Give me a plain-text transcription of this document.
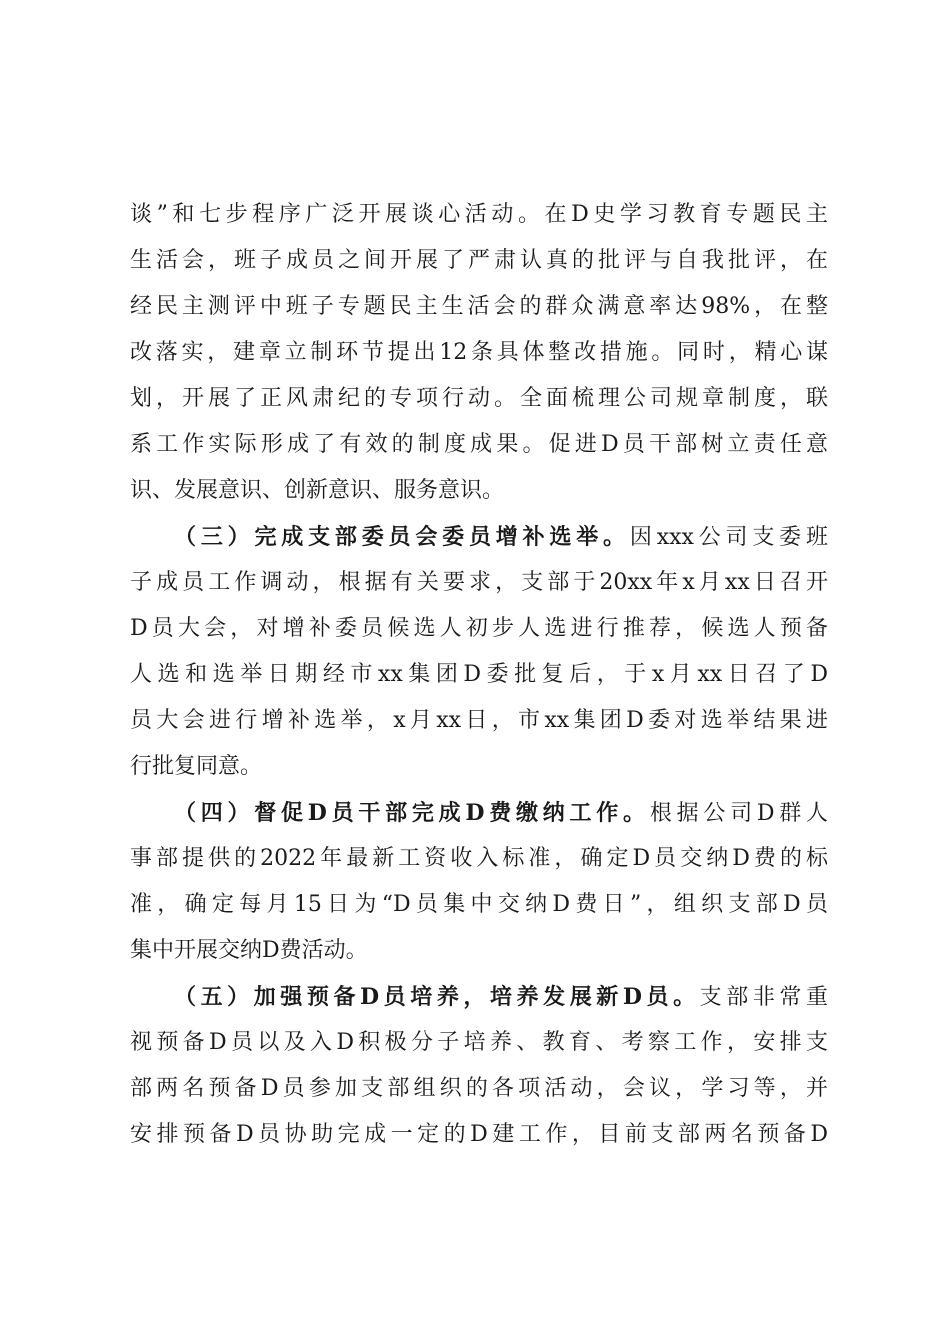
谈”和七步程序广泛开展谈心活动。在D史学习教育专题民主
生活会，班子成员之间开展了严肃认真的批评与自我批评，在
经民主测评中班子专题民主生活会的群众满意率达98%，在整
改落实，建章立制环节提出12条具体整改措施。同时，精心谋
划，开展了正风肃纪的专项行动。全面梳理公司规章制度，联
系工作实际形成了有效的制度成果。促进D员干部树立责任意
识、发展意识、创新意识、服务意识。
（三）完成支部委员会委员增补选举。因xxx公司支委班
子成员工作调动，根据有关要求，支部于20xx年x月xx日召开
D员大会，对增补委员候选人初步人选进行推荐，候选人预备
人选和选举日期经市xx集团D委批复后，于x月xx日召了D
员大会进行增补选举，x月xx日，市xx集团D委对选举结果进
行批复同意。
（四）督促D员干部完成D费缴纳工作。根据公司D群人
事部提供的2022年最新工资收入标准，确定D员交纳D费的标
准，确定每月15日为“D员集中交纳D费日”，组织支部D员
集中开展交纳D费活动。
（五）加强预备D员培养，培养发展新D员。支部非常重
视预备D员以及入D积极分子培养、教育、考察工作，安排支
部两名预备D员参加支部组织的各项活动，会议，学习等，并
安排预备D员协助完成一定的D建工作，目前支部两名预备D
